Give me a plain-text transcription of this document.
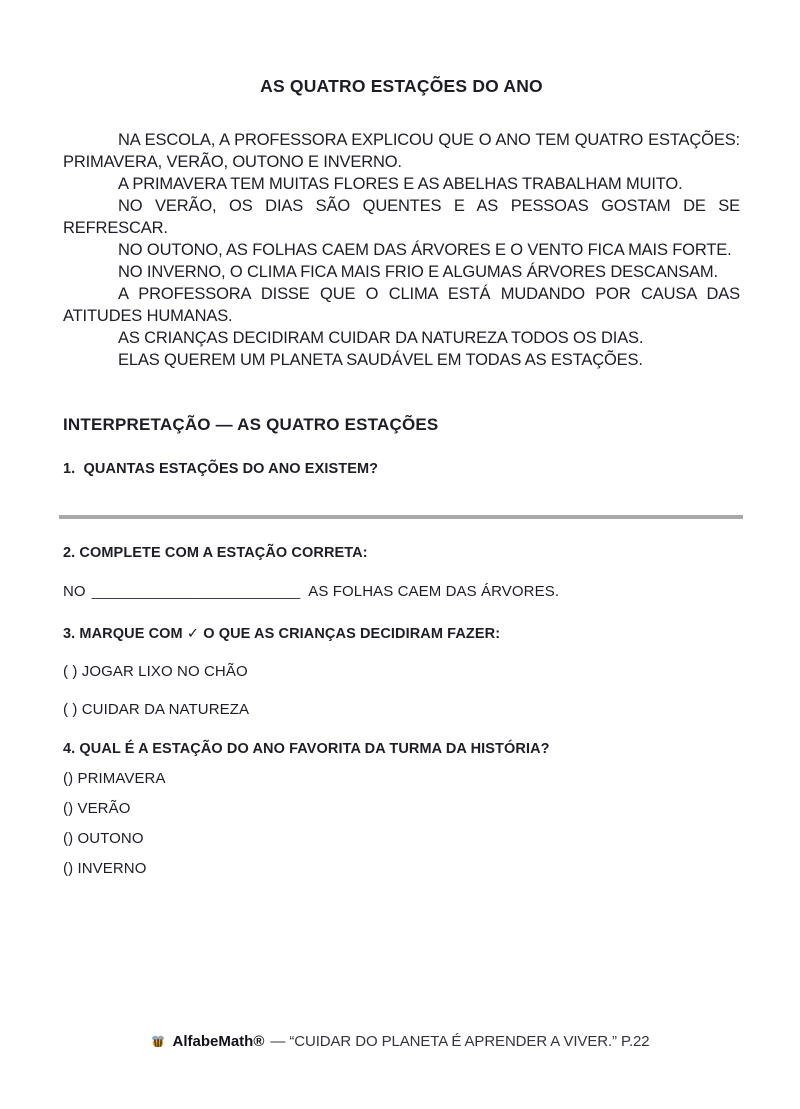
AS QUATRO ESTAÇÕES DO ANO

NA ESCOLA, A PROFESSORA EXPLICOU QUE O ANO TEM QUATRO ESTAÇÕES: PRIMAVERA, VERÃO, OUTONO E INVERNO.

A PRIMAVERA TEM MUITAS FLORES E AS ABELHAS TRABALHAM MUITO.

NO VERÃO, OS DIAS SÃO QUENTES E AS PESSOAS GOSTAM DE SE REFRESCAR.

NO OUTONO, AS FOLHAS CAEM DAS ÁRVORES E O VENTO FICA MAIS FORTE.

NO INVERNO, O CLIMA FICA MAIS FRIO E ALGUMAS ÁRVORES DESCANSAM.

A PROFESSORA DISSE QUE O CLIMA ESTÁ MUDANDO POR CAUSA DAS ATITUDES HUMANAS.

AS CRIANÇAS DECIDIRAM CUIDAR DA NATUREZA TODOS OS DIAS.

ELAS QUEREM UM PLANETA SAUDÁVEL EM TODAS AS ESTAÇÕES.

INTERPRETAÇÃO — AS QUATRO ESTAÇÕES

1.  QUANTAS ESTAÇÕES DO ANO EXISTEM?

2. COMPLETE COM A ESTAÇÃO CORRETA:

NO _________________________ AS FOLHAS CAEM DAS ÁRVORES.

3. MARQUE COM ✓ O QUE AS CRIANÇAS DECIDIRAM FAZER:

( ) JOGAR LIXO NO CHÃO

( ) CUIDAR DA NATUREZA

4. QUAL É A ESTAÇÃO DO ANO FAVORITA DA TURMA DA HISTÓRIA?

() PRIMAVERA

() VERÃO

() OUTONO

() INVERNO

AlfabeMath® — “CUIDAR DO PLANETA É APRENDER A VIVER.” P.22
